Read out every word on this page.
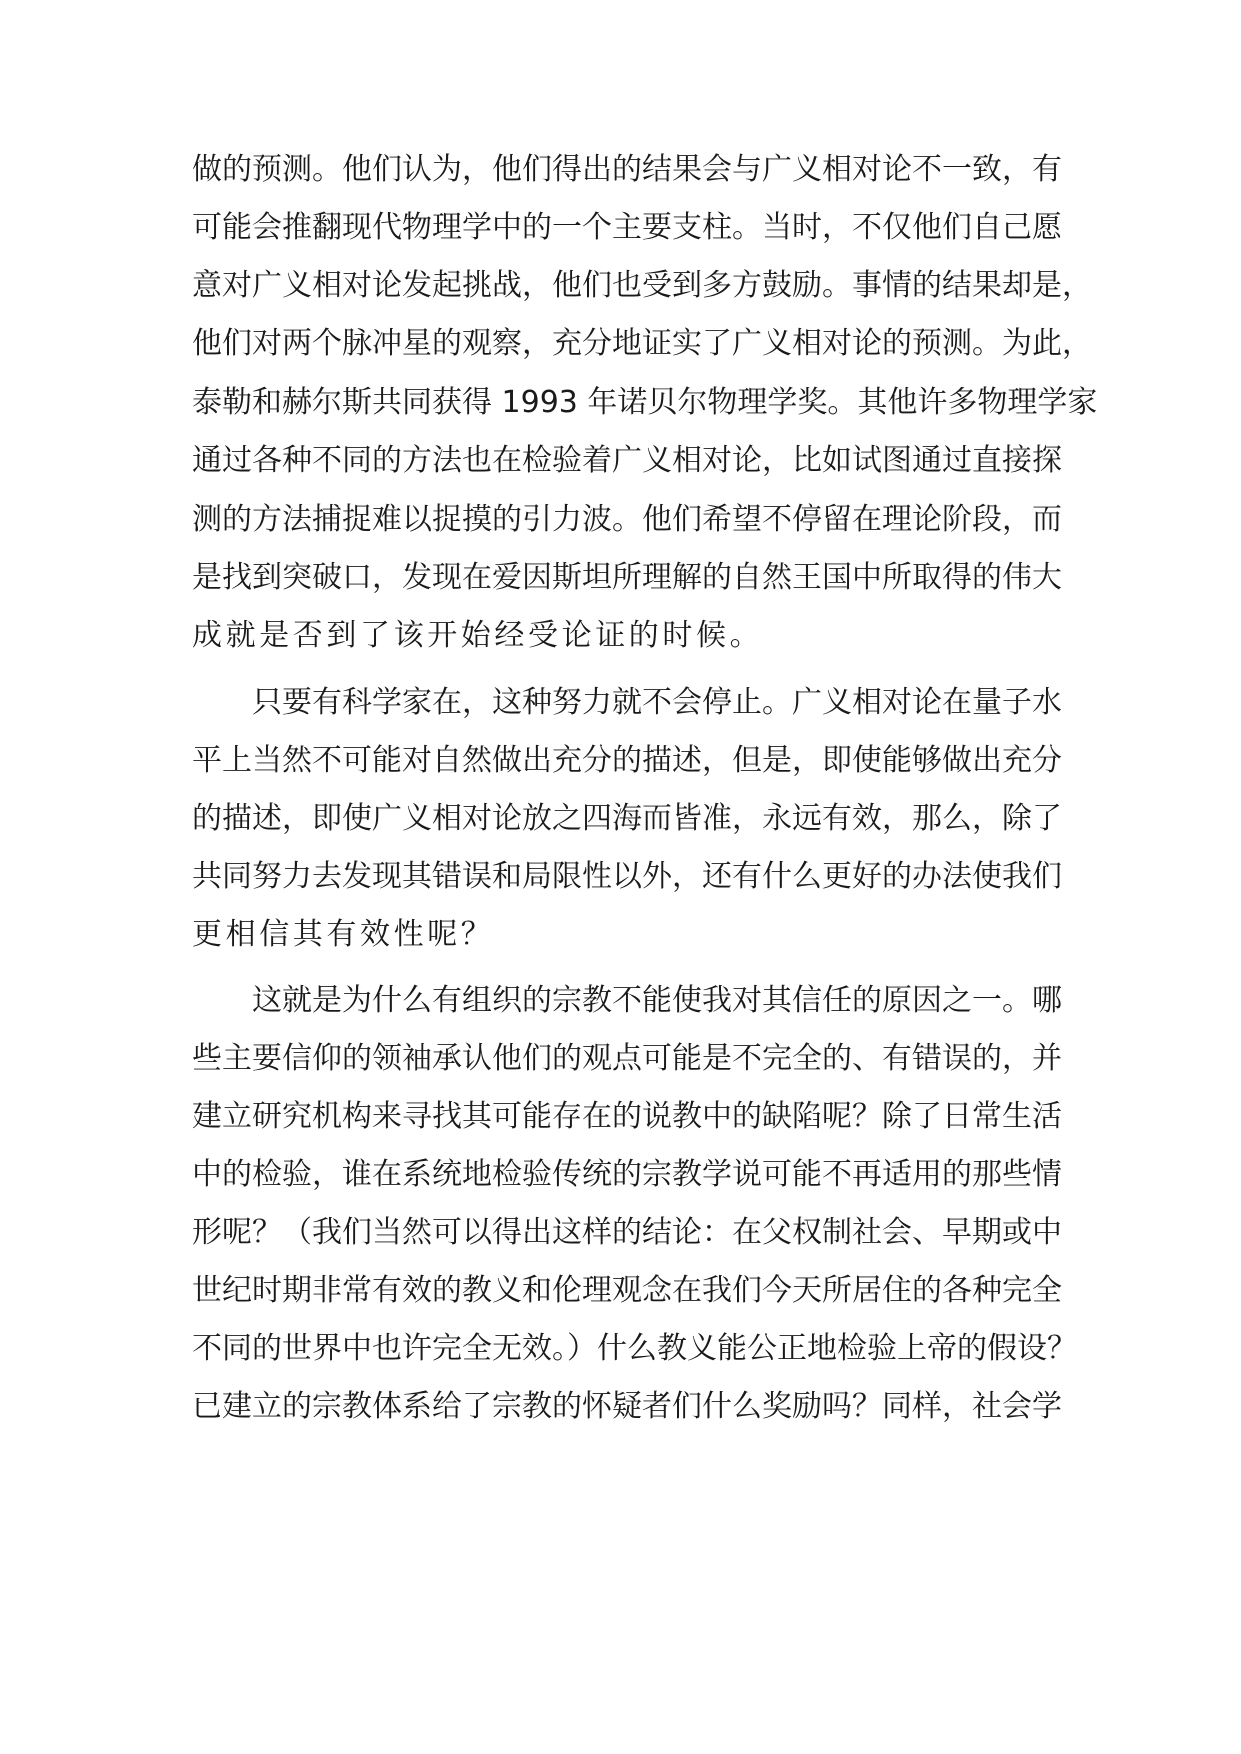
做的预测。他们认为，他们得出的结果会与广义相对论不一致，有
可能会推翻现代物理学中的一个主要支柱。当时，不仅他们自己愿
意对广义相对论发起挑战，他们也受到多方鼓励。事情的结果却是，
他们对两个脉冲星的观察，充分地证实了广义相对论的预测。为此，
泰勒和赫尔斯共同获得 1993 年诺贝尔物理学奖。其他许多物理学家
通过各种不同的方法也在检验着广义相对论，比如试图通过直接探
测的方法捕捉难以捉摸的引力波。他们希望不停留在理论阶段，而
是找到突破口，发现在爱因斯坦所理解的自然王国中所取得的伟大
成就是否到了该开始经受论证的时候。
只要有科学家在，这种努力就不会停止。广义相对论在量子水
平上当然不可能对自然做出充分的描述，但是，即使能够做出充分
的描述，即使广义相对论放之四海而皆准，永远有效，那么，除了
共同努力去发现其错误和局限性以外，还有什么更好的办法使我们
更相信其有效性呢？
这就是为什么有组织的宗教不能使我对其信任的原因之一。哪
些主要信仰的领袖承认他们的观点可能是不完全的、有错误的，并
建立研究机构来寻找其可能存在的说教中的缺陷呢？除了日常生活
中的检验，谁在系统地检验传统的宗教学说可能不再适用的那些情
形呢？（我们当然可以得出这样的结论：在父权制社会、早期或中
世纪时期非常有效的教义和伦理观念在我们今天所居住的各种完全
不同的世界中也许完全无效。）什么教义能公正地检验上帝的假设？
已建立的宗教体系给了宗教的怀疑者们什么奖励吗？同样，社会学
